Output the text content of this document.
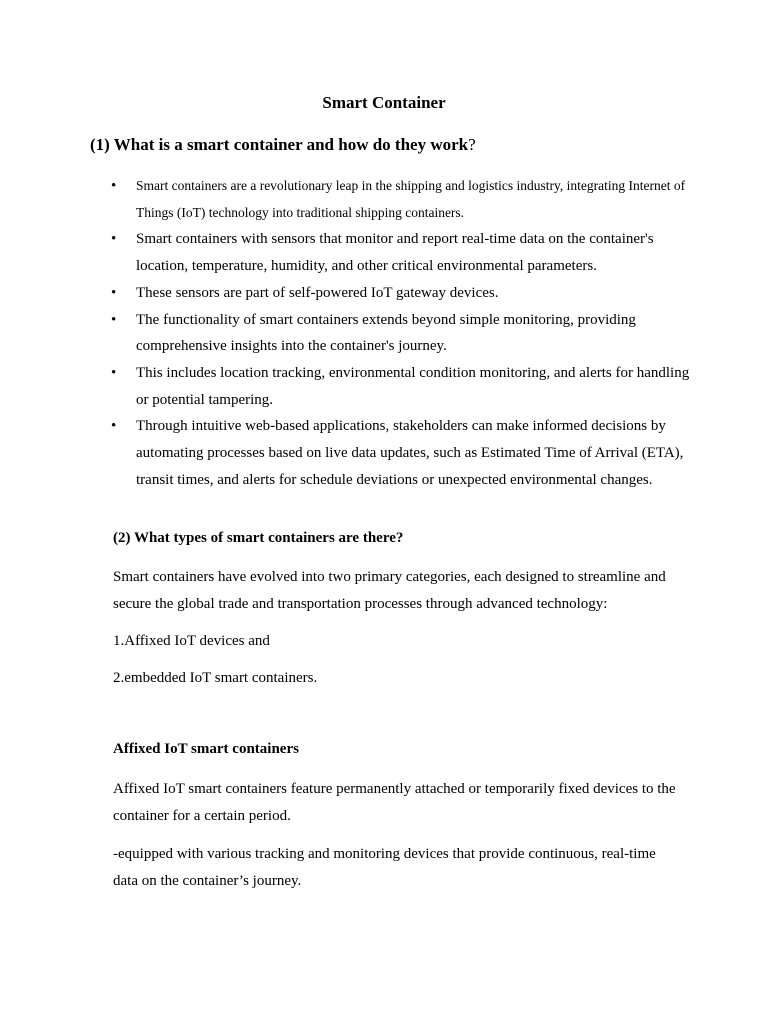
Smart Container
(1) What is a smart container and how do they work?
• Smart containers are a revolutionary leap in the shipping and logistics industry, integrating Internet of Things (IoT) technology into traditional shipping containers.
• Smart containers with sensors that monitor and report real-time data on the container's location, temperature, humidity, and other critical environmental parameters.
• These sensors are part of self-powered IoT gateway devices.
• The functionality of smart containers extends beyond simple monitoring, providing comprehensive insights into the container's journey.
• This includes location tracking, environmental condition monitoring, and alerts for handling or potential tampering.
• Through intuitive web-based applications, stakeholders can make informed decisions by automating processes based on live data updates, such as Estimated Time of Arrival (ETA), transit times, and alerts for schedule deviations or unexpected environmental changes.
(2) What types of smart containers are there?

Smart containers have evolved into two primary categories, each designed to streamline and secure the global trade and transportation processes through advanced technology:

1.Affixed IoT devices and

2.embedded IoT smart containers.

Affixed IoT smart containers

Affixed IoT smart containers feature permanently attached or temporarily fixed devices to the container for a certain period.

-equipped with various tracking and monitoring devices that provide continuous, real-time data on the container’s journey.
